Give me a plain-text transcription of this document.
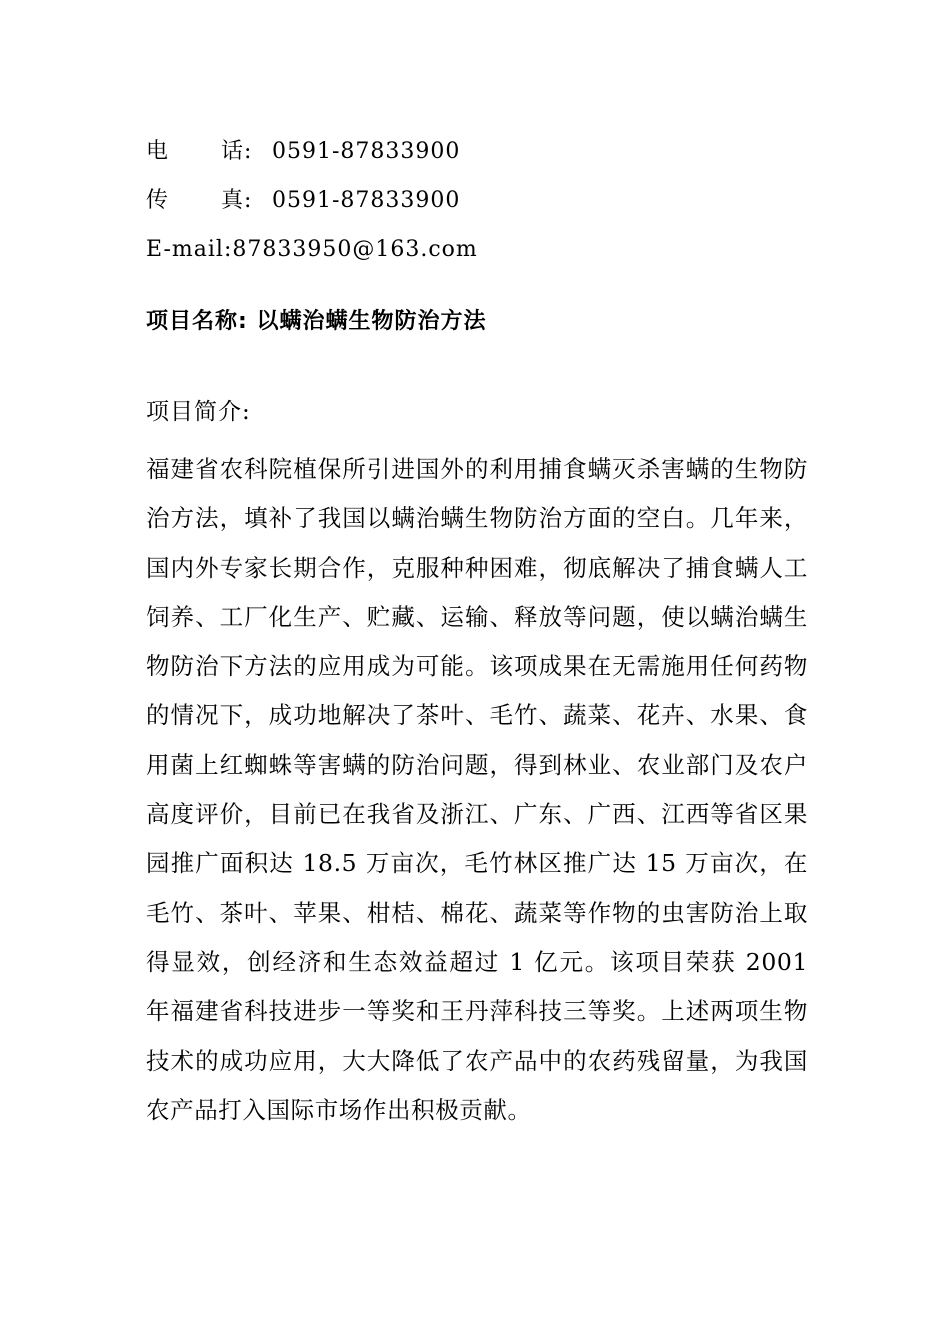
电 话: 0591-87833900
传 真: 0591-87833900
E-mail:87833950@163.com
项目名称: 以螨治螨生物防治方法
项目简介:

福建省农科院植保所引进国外的利用捕食螨灭杀害螨的生物防治方法，填补了我国以螨治螨生物防治方面的空白。几年来，国内外专家长期合作，克服种种困难，彻底解决了捕食螨人工饲养、工厂化生产、贮藏、运输、释放等问题，使以螨治螨生物防治下方法的应用成为可能。该项成果在无需施用任何药物的情况下，成功地解决了茶叶、毛竹、蔬菜、花卉、水果、食用菌上红蜘蛛等害螨的防治问题，得到林业、农业部门及农户高度评价，目前已在我省及浙江、广东、广西、江西等省区果园推广面积达 18.5 万亩次，毛竹林区推广达 15 万亩次，在毛竹、茶叶、苹果、柑桔、棉花、蔬菜等作物的虫害防治上取得显效，创经济和生态效益超过 1 亿元。该项目荣获 2001 年福建省科技进步一等奖和王丹萍科技三等奖。上述两项生物技术的成功应用，大大降低了农产品中的农药残留量，为我国农产品打入国际市场作出积极贡献。
